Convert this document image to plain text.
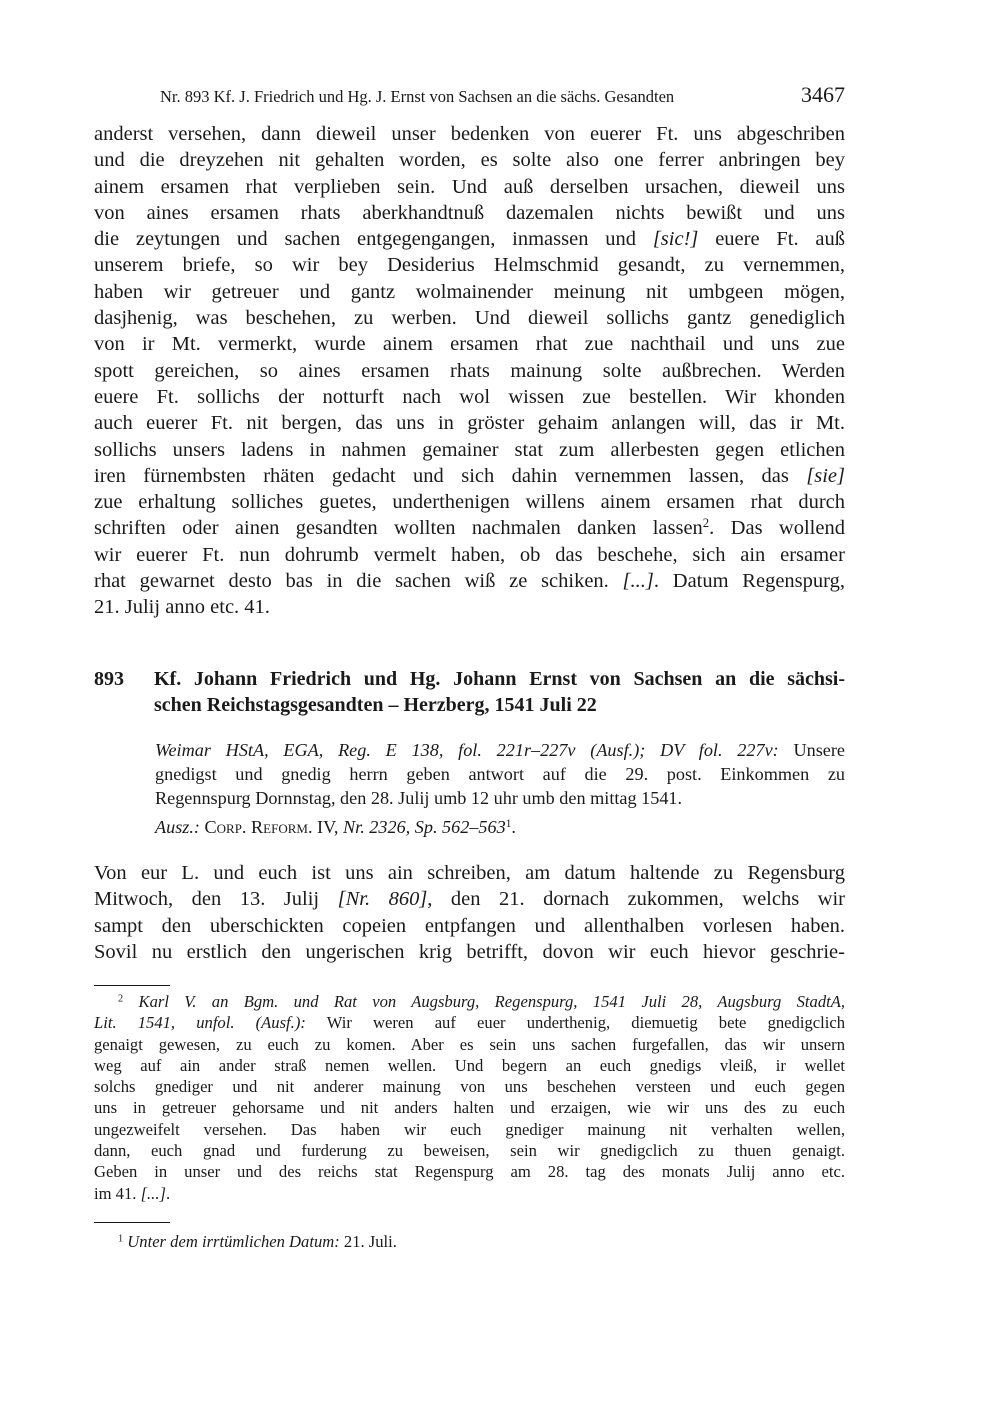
Nr. 893 Kf. J. Friedrich und Hg. J. Ernst von Sachsen an die sächs. Gesandten	3467
anderst versehen, dann dieweil unser bedenken von euerer Ft. uns abgeschriben
und die dreyzehen nit gehalten worden, es solte also one ferrer anbringen bey
ainem ersamen rhat verplieben sein. Und auß derselben ursachen, dieweil uns
von aines ersamen rhats aberkhandtnuß dazemalen nichts bewißt und uns
die zeytungen und sachen entgegengangen, inmassen und [sic!] euere Ft. auß
unserem briefe, so wir bey Desiderius Helmschmid gesandt, zu vernemmen,
haben wir getreuer und gantz wolmainender meinung nit umbgeen mögen,
dasjhenig, was beschehen, zu werben. Und dieweil sollichs gantz genediglich
von ir Mt. vermerkt, wurde ainem ersamen rhat zue nachthail und uns zue
spott gereichen, so aines ersamen rhats mainung solte außbrechen. Werden
euere Ft. sollichs der notturft nach wol wissen zue bestellen. Wir khonden
auch euerer Ft. nit bergen, das uns in gröster gehaim anlangen will, das ir Mt.
sollichs unsers ladens in nahmen gemainer stat zum allerbesten gegen etlichen
iren fürnembsten rhäten gedacht und sich dahin vernemmen lassen, das [sie]
zue erhaltung solliches guetes, underthenigen willens ainem ersamen rhat durch
schriften oder ainen gesandten wollten nachmalen danken lassen$^2$. Das wollend
wir euerer Ft. nun dohrumb vermelt haben, ob das beschehe, sich ain ersamer
rhat gewarnet desto bas in die sachen wiß ze schiken. [...]. Datum Regenspurg,
21. Julij anno etc. 41.
893 Kf. Johann Friedrich und Hg. Johann Ernst von Sachsen an die sächsi-
schen Reichstagsgesandten – Herzberg, 1541 Juli 22
Weimar HStA, EGA, Reg. E 138, fol. 221r–227v (Ausf.); DV fol. 227v: Unsere
gnedigst und gnedig herrn geben antwort auf die 29. post. Einkommen zu
Regennspurg Dornnstag, den 28. Julij umb 12 uhr umb den mittag 1541.
Ausz.: Corp. Reform. IV, Nr. 2326, Sp. $562-563^1$.
Von eur L. und euch ist uns ain schreiben, am datum haltende zu Regensburg
Mitwoch, den 13. Julij [Nr. 860], den 21. dornach zukommen, welchs wir
sampt den uberschickten copeien entpfangen und allenthalben vorlesen haben.
Sovil nu erstlich den ungerischen krig betrifft, dovon wir euch hievor geschrie-
$^2$ Karl V. an Bgm. und Rat von Augsburg, Regenspurg, 1541 Juli 28, Augsburg StadtA,
Lit. 1541, unfol. (Ausf.): Wir weren auf euer underthenig, diemuetig bete gnedigclich
genaigt gewesen, zu euch zu komen. Aber es sein uns sachen furgefallen, das wir unsern
weg auf ain ander straß nemen wellen. Und begern an euch gnedigs vleiß, ir wellet
solchs gnediger und nit anderer mainung von uns beschehen versteen und euch gegen
uns in getreuer gehorsame und nit anders halten und erzaigen, wie wir uns des zu euch
ungezweifelt versehen. Das haben wir euch gnediger mainung nit verhalten wellen,
dann, euch gnad und furderung zu beweisen, sein wir gnedigclich zu thuen genaigt.
Geben in unser und des reichs stat Regenspurg am 28. tag des monats Julij anno etc.
im 41. [...].
$^1$ Unter dem irrtümlichen Datum: 21. Juli.
